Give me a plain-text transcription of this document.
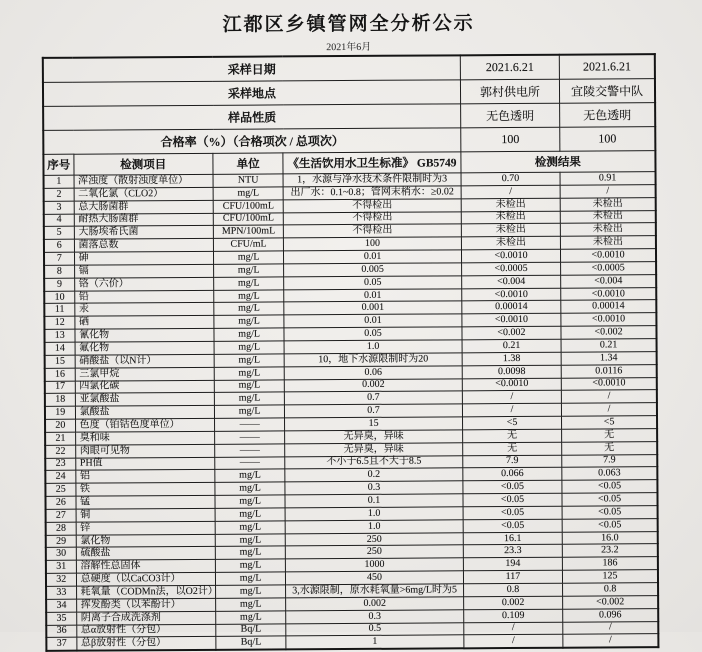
江都区乡镇管网全分析公示
2021年6月
采样日期				2021.6.21	2021.6.21
采样地点				郭村供电所	宜陵交警中队
样品性质				无色透明	无色透明
合格率（%）（合格项次 / 总项次）				100	100
序号	检测项目	单位	《生活饮用水卫生标准》 GB5749	检测结果	
1	浑浊度（散射浊度单位）	NTU	1，水源与净水技术条件限制时为3	0.70	0.91
2	二氧化氯（CLO2）	mg/L	出厂水：0.1~0.8；管网末梢水：≥0.02	/	/
3	总大肠菌群	CFU/100mL	不得检出	未检出	未检出
4	耐热大肠菌群	CFU/100mL	不得检出	未检出	未检出
5	大肠埃希氏菌	MPN/100mL	不得检出	未检出	未检出
6	菌落总数	CFU/mL	100	未检出	未检出
7	砷	mg/L	0.01	<0.0010	<0.0010
8	镉	mg/L	0.005	<0.0005	<0.0005
9	铬（六价）	mg/L	0.05	<0.004	<0.004
10	铅	mg/L	0.01	<0.0010	<0.0010
11	汞	mg/L	0.001	0.00014	0.00014
12	硒	mg/L	0.01	<0.0010	<0.0010
13	氰化物	mg/L	0.05	<0.002	<0.002
14	氟化物	mg/L	1.0	0.21	0.21
15	硝酸盐（以N计）	mg/L	10，地下水源限制时为20	1.38	1.34
16	三氯甲烷	mg/L	0.06	0.0098	0.0116
17	四氯化碳	mg/L	0.002	<0.0010	<0.0010
18	亚氯酸盐	mg/L	0.7	/	/
19	氯酸盐	mg/L	0.7	/	/
20	色度（铂钴色度单位）	——	15	<5	<5
21	臭和味	——	无异臭，异味	无	无
22	肉眼可见物	——	无异臭，异味	无	无
23	PH值	——	不小于6.5且不大于8.5	7.9	7.9
24	铝	mg/L	0.2	0.066	0.063
25	铁	mg/L	0.3	<0.05	<0.05
26	锰	mg/L	0.1	<0.05	<0.05
27	铜	mg/L	1.0	<0.05	<0.05
28	锌	mg/L	1.0	<0.05	<0.05
29	氯化物	mg/L	250	16.1	16.0
30	硫酸盐	mg/L	250	23.3	23.2
31	溶解性总固体	mg/L	1000	194	186
32	总硬度（以CaCO3计）	mg/L	450	117	125
33	耗氧量（CODMn法，以O2计）	mg/L	3,水源限制，原水耗氧量>6mg/L时为5	0.8	0.8
34	挥发酚类（以苯酚计）	mg/L	0.002	0.002	<0.002
35	阴离子合成洗涤剂	mg/L	0.3	0.109	0.096
36	总α放射性（分包）	Bq/L	0.5	/	/
37	总β放射性（分包）	Bq/L	1	/	/
